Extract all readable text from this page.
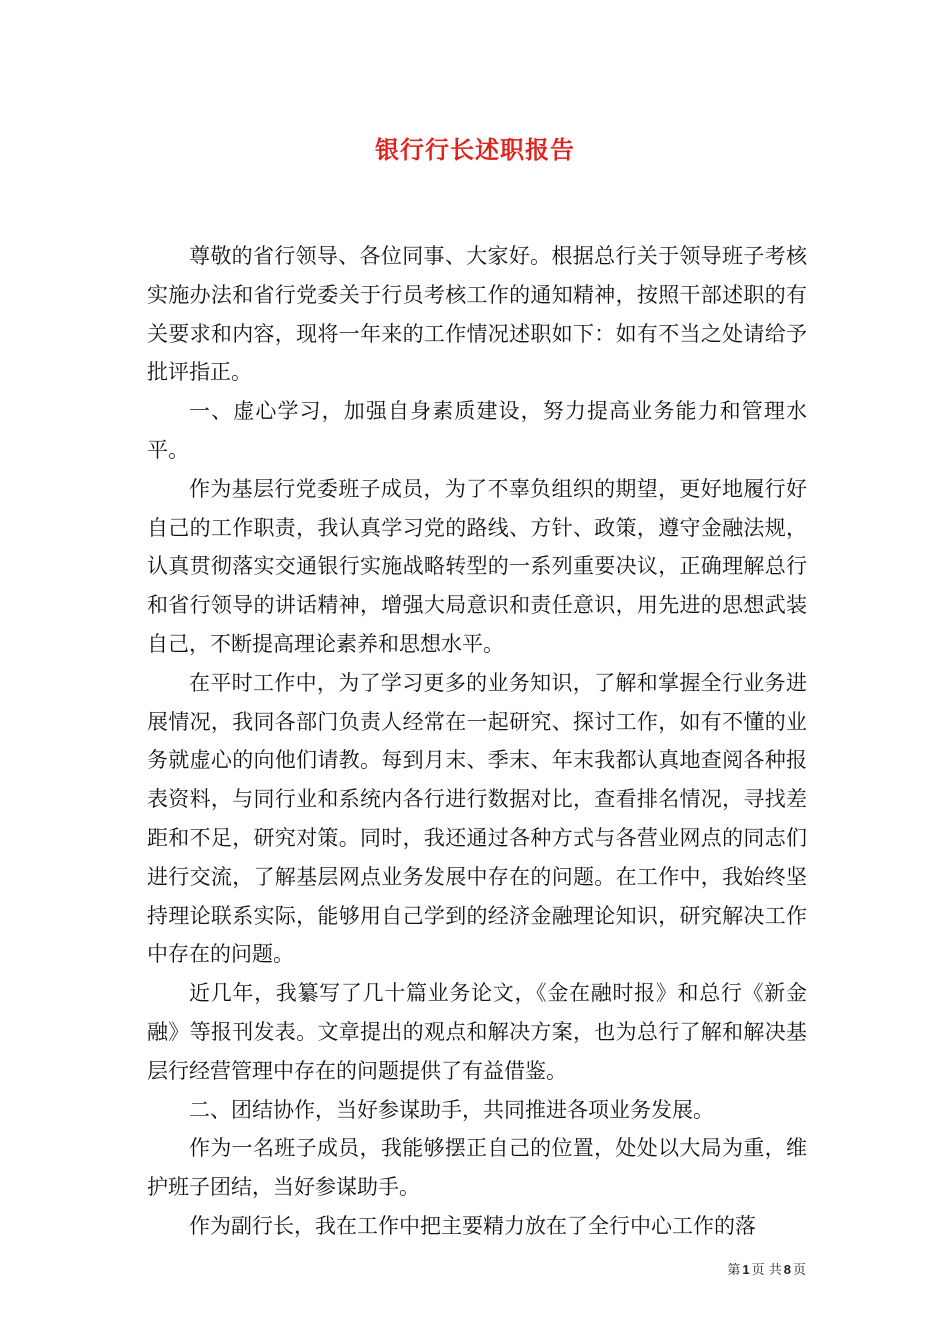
银行行长述职报告

尊敬的省行领导、各位同事、大家好。根据总行关于领导班子考核实施办法和省行党委关于行员考核工作的通知精神，按照干部述职的有关要求和内容，现将一年来的工作情况述职如下：如有不当之处请给予批评指正。

一、虚心学习，加强自身素质建设，努力提高业务能力和管理水平。

作为基层行党委班子成员，为了不辜负组织的期望，更好地履行好自己的工作职责，我认真学习党的路线、方针、政策，遵守金融法规，认真贯彻落实交通银行实施战略转型的一系列重要决议，正确理解总行和省行领导的讲话精神，增强大局意识和责任意识，用先进的思想武装自己，不断提高理论素养和思想水平。

在平时工作中，为了学习更多的业务知识，了解和掌握全行业务进展情况，我同各部门负责人经常在一起研究、探讨工作，如有不懂的业务就虚心的向他们请教。每到月末、季末、年末我都认真地查阅各种报表资料，与同行业和系统内各行进行数据对比，查看排名情况，寻找差距和不足，研究对策。同时，我还通过各种方式与各营业网点的同志们进行交流，了解基层网点业务发展中存在的问题。在工作中，我始终坚持理论联系实际，能够用自己学到的经济金融理论知识，研究解决工作中存在的问题。

近几年，我纂写了几十篇业务论文，《金在融时报》和总行《新金融》等报刊发表。文章提出的观点和解决方案，也为总行了解和解决基层行经营管理中存在的问题提供了有益借鉴。

二、团结协作，当好参谋助手，共同推进各项业务发展。

作为一名班子成员，我能够摆正自己的位置，处处以大局为重，维护班子团结，当好参谋助手。

作为副行长，我在工作中把主要精力放在了全行中心工作的落

第 1 页 共 8 页
